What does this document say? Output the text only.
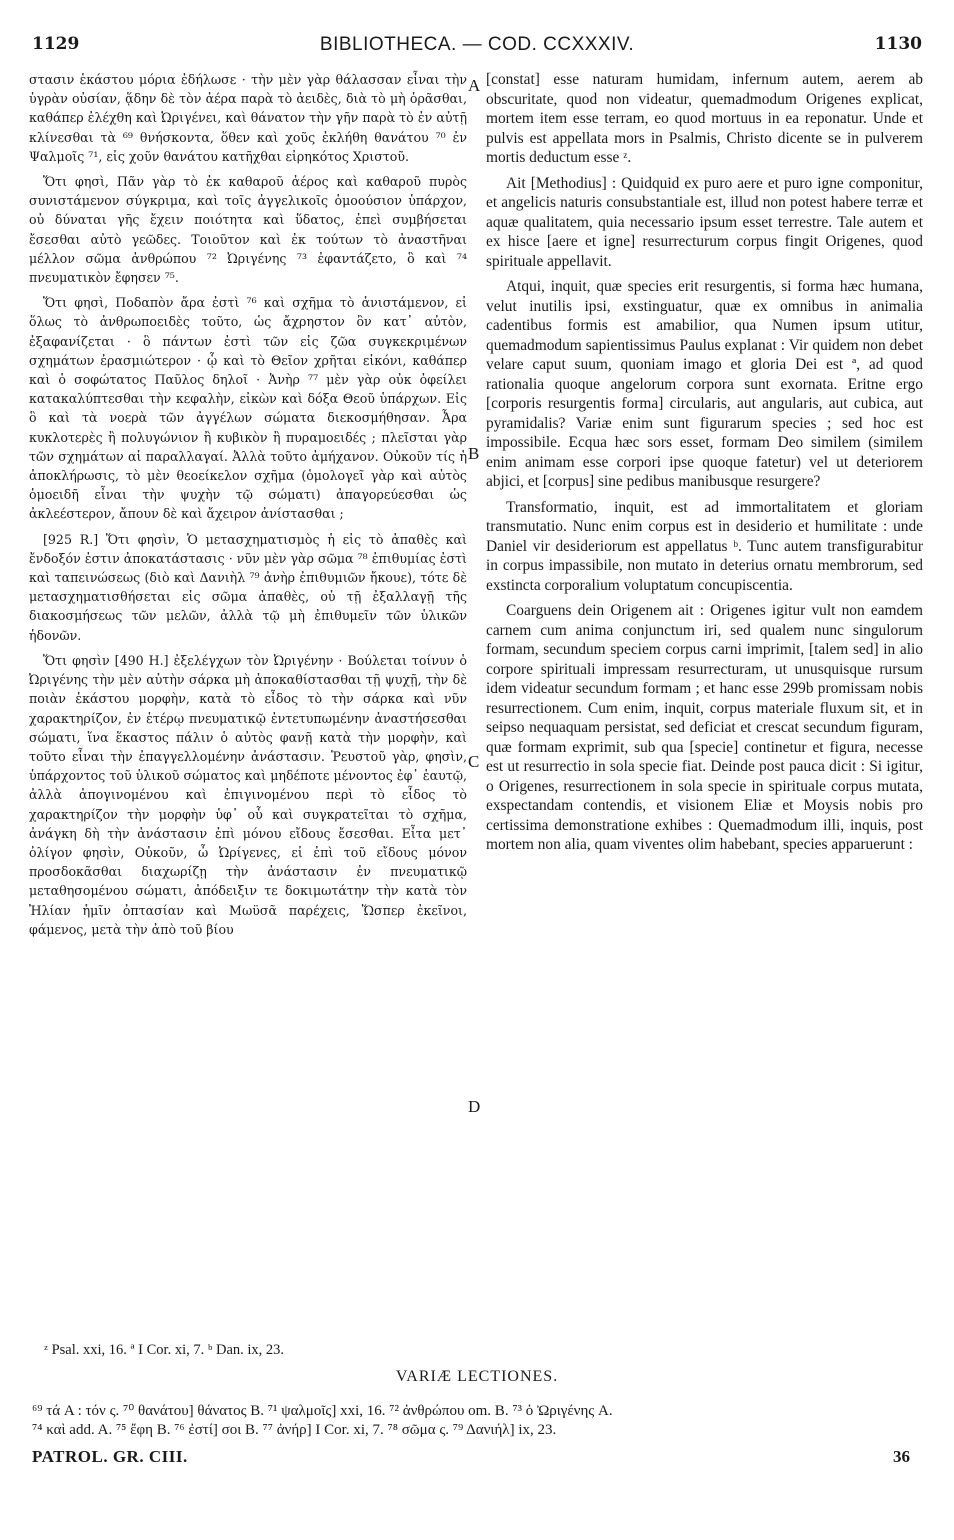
1129	BIBLIOTHECA. — COD. CCXXXIV.	1130

στασιν ἑκάστου μόρια ἐδήλωσε · τὴν μὲν γὰρ θάλασσαν εἶναι τὴν ὑγρὰν οὐσίαν, ᾅδην δὲ τὸν ἀέρα παρὰ τὸ ἀειδὲς, διὰ τὸ μὴ ὁρᾶσθαι, καθάπερ ἐλέχθη καὶ Ὠριγένει, καὶ θάνατον τὴν γῆν παρὰ τὸ ἐν αὐτῇ κλίνεσθαι τὰ ⁶⁹ θνήσκοντα, ὅθεν καὶ χοῦς ἐκλήθη θανάτου ⁷⁰ ἐν Ψαλμοῖς ⁷¹, εἰς χοῦν θανάτου κατῆχθαι εἰρηκότος Χριστοῦ.

Ὅτι φησὶ, Πᾶν γὰρ τὸ ἐκ καθαροῦ ἀέρος καὶ καθαροῦ πυρὸς συνιστάμενον σύγκριμα, καὶ τοῖς ἀγγελικοῖς ὁμοούσιον ὑπάρχον, οὐ δύναται γῆς ἔχειν ποιότητα καὶ ὕδατος, ἐπεὶ συμβήσεται ἔσεσθαι αὐτὸ γεῶδες. Τοιοῦτον καὶ ἐκ τούτων τὸ ἀναστῆναι μέλλον σῶμα ἀνθρώπου ⁷² Ὠριγένης ⁷³ ἐφαντάζετο, ὃ καὶ ⁷⁴ πνευματικὸν ἔφησεν ⁷⁵.

Ὅτι φησὶ, Ποδαπὸν ἄρα ἐστὶ ⁷⁶ καὶ σχῆμα τὸ ἀνιστάμενον, εἰ ὅλως τὸ ἀνθρωποειδὲς τοῦτο, ὡς ἄχρηστον ὂν κατ᾽ αὐτὸν, ἐξαφανίζεται · ὃ πάντων ἐστὶ τῶν εἰς ζῶα συγκεκριμένων σχημάτων ἐρασμιώτερον · ᾧ καὶ τὸ Θεῖον χρῆται εἰκόνι, καθάπερ καὶ ὁ σοφώτατος Παῦλος δηλοῖ · Ἀνὴρ ⁷⁷ μὲν γὰρ οὐκ ὀφείλει κατακαλύπτεσθαι τὴν κεφαλὴν, εἰκὼν καὶ δόξα Θεοῦ ὑπάρχων. Εἰς ὃ καὶ τὰ νοερὰ τῶν ἀγγέλων σώματα διεκοσμήθησαν. Ἆρα κυκλοτερὲς ἢ πολυγώνιον ἢ κυβικὸν ἢ πυραμοειδές ; πλεῖσται γὰρ τῶν σχημάτων αἱ παραλλαγαί. Ἀλλὰ τοῦτο ἀμήχανον. Οὐκοῦν τίς ἡ ἀποκλήρωσις, τὸ μὲν θεοείκελον σχῆμα (ὁμολογεῖ γὰρ καὶ αὐτὸς ὁμοειδῆ εἶναι τὴν ψυχὴν τῷ σώματι) ἀπαγορεύεσθαι ὡς ἀκλεέστερον, ἄπουν δὲ καὶ ἄχειρον ἀνίστασθαι ;

[925 R.] Ὅτι φησὶν, Ὁ μετασχηματισμὸς ἡ εἰς τὸ ἀπαθὲς καὶ ἔνδοξόν ἐστιν ἀποκατάστασις · νῦν μὲν γὰρ σῶμα ⁷⁸ ἐπιθυμίας ἐστὶ καὶ ταπεινώσεως (διὸ καὶ Δανιὴλ ⁷⁹ ἀνὴρ ἐπιθυμιῶν ἤκουε), τότε δὲ μετασχηματισθήσεται εἰς σῶμα ἀπαθὲς, οὐ τῇ ἐξαλλαγῇ τῆς διακοσμήσεως τῶν μελῶν, ἀλλὰ τῷ μὴ ἐπιθυμεῖν τῶν ὑλικῶν ἡδονῶν.

Ὅτι φησὶν [490 H.] ἐξελέγχων τὸν Ὠριγένην · Βούλεται τοίνυν ὁ Ὠριγένης τὴν μὲν αὐτὴν σάρκα μὴ ἀποκαθίστασθαι τῇ ψυχῇ, τὴν δὲ ποιὰν ἑκάστου μορφὴν, κατὰ τὸ εἶδος τὸ τὴν σάρκα καὶ νῦν χαρακτηρίζον, ἐν ἑτέρῳ πνευματικῷ ἐντετυπωμένην ἀναστήσεσθαι σώματι, ἵνα ἕκαστος πάλιν ὁ αὐτὸς φανῇ κατὰ τὴν μορφὴν, καὶ τοῦτο εἶναι τὴν ἐπαγγελλομένην ἀνάστασιν. Ῥευστοῦ γὰρ, φησὶν, ὑπάρχοντος τοῦ ὑλικοῦ σώματος καὶ μηδέποτε μένοντος ἐφ᾽ ἑαυτῷ, ἀλλὰ ἀπογινομένου καὶ ἐπιγινομένου περὶ τὸ εἶδος τὸ χαρακτηρίζον τὴν μορφὴν ὑφ᾽ οὗ καὶ συγκρατεῖται τὸ σχῆμα, ἀνάγκη δὴ τὴν ἀνάστασιν ἐπὶ μόνου εἴδους ἔσεσθαι. Εἶτα μετ᾽ ὀλίγον φησὶν, Οὐκοῦν, ὦ Ὠρίγενες, εἰ ἐπὶ τοῦ εἴδους μόνον προσδοκᾶσθαι διαχωρίζῃ τὴν ἀνάστασιν ἐν πνευματικῷ μεταθησομένου σώματι, ἀπόδειξιν τε δοκιμωτάτην τὴν κατὰ τὸν Ἠλίαν ἡμῖν ὀπτασίαν καὶ Μωϋσᾶ παρέχεις, Ὥσπερ ἐκεῖνοι, φάμενος, μετὰ τὴν ἀπὸ τοῦ βίου

A
B
C
D

[constat] esse naturam humidam, infernum autem, aerem ab obscuritate, quod non videatur, quemadmodum Origenes explicat, mortem item esse terram, eo quod mortuus in ea reponatur. Unde et pulvis est appellata mors in Psalmis, Christo dicente se in pulverem mortis deductum esse ᶻ.

Ait [Methodius] : Quidquid ex puro aere et puro igne componitur, et angelicis naturis consubstantiale est, illud non potest habere terræ et aquæ qualitatem, quia necessario ipsum esset terrestre. Tale autem et ex hisce [aere et igne] resurrecturum corpus fingit Origenes, quod spirituale appellavit.

Atqui, inquit, quæ species erit resurgentis, si forma hæc humana, velut inutilis ipsi, exstinguatur, quæ ex omnibus in animalia cadentibus formis est amabilior, qua Numen ipsum utitur, quemadmodum sapientissimus Paulus explanat : Vir quidem non debet velare caput suum, quoniam imago et gloria Dei est ª, ad quod rationalia quoque angelorum corpora sunt exornata. Eritne ergo [corporis resurgentis forma] circularis, aut angularis, aut cubica, aut pyramidalis? Variæ enim sunt figurarum species ; sed hoc est impossibile. Ecqua hæc sors esset, formam Deo similem (similem enim animam esse corpori ipse quoque fatetur) vel ut deteriorem abjici, et [corpus] sine pedibus manibusque resurgere?

Transformatio, inquit, est ad immortalitatem et gloriam transmutatio. Nunc enim corpus est in desiderio et humilitate : unde Daniel vir desideriorum est appellatus ᵇ. Tunc autem transfigurabitur in corpus impassibile, non mutato in deterius ornatu membrorum, sed exstincta corporalium voluptatum concupiscentia.

Coarguens dein Origenem ait : Origenes igitur vult non eamdem carnem cum anima conjunctum iri, sed qualem nunc singulorum formam, secundum speciem corpus carni imprimit, [talem sed] in alio corpore spirituali impressam resurrecturam, ut unusquisque rursum idem videatur secundum formam ; et hanc esse 299b promissam nobis resurrectionem. Cum enim, inquit, corpus materiale fluxum sit, et in seipso nequaquam persistat, sed deficiat et crescat secundum figuram, quæ formam exprimit, sub qua [specie] continetur et figura, necesse est ut resurrectio in sola specie fiat. Deinde post pauca dicit : Si igitur, o Origenes, resurrectionem in sola specie in spirituale corpus mutata, exspectandam contendis, et visionem Eliæ et Moysis nobis pro certissima demonstratione exhibes : Quemadmodum illi, inquis, post mortem non alia, quam viventes olim habebant, species apparuerunt :

ᶻ Psal. xxi, 16. ª I Cor. xi, 7. ᵇ Dan. ix, 23.
VARIÆ LECTIONES.
⁶⁹ τά A : τόν ς. ⁷⁰ θανάτου] θάνατος B. ⁷¹ ψαλμοῖς] xxi, 16. ⁷² ἀνθρώπου om. B. ⁷³ ὁ Ὠριγένης A.
⁷⁴ καὶ add. A. ⁷⁵ ἔφη B. ⁷⁶ ἐστί] σοι B. ⁷⁷ ἀνήρ] I Cor. xi, 7. ⁷⁸ σῶμα ς. ⁷⁹ Δανιήλ] ix, 23.
PATROL. GR. CIII.	36
